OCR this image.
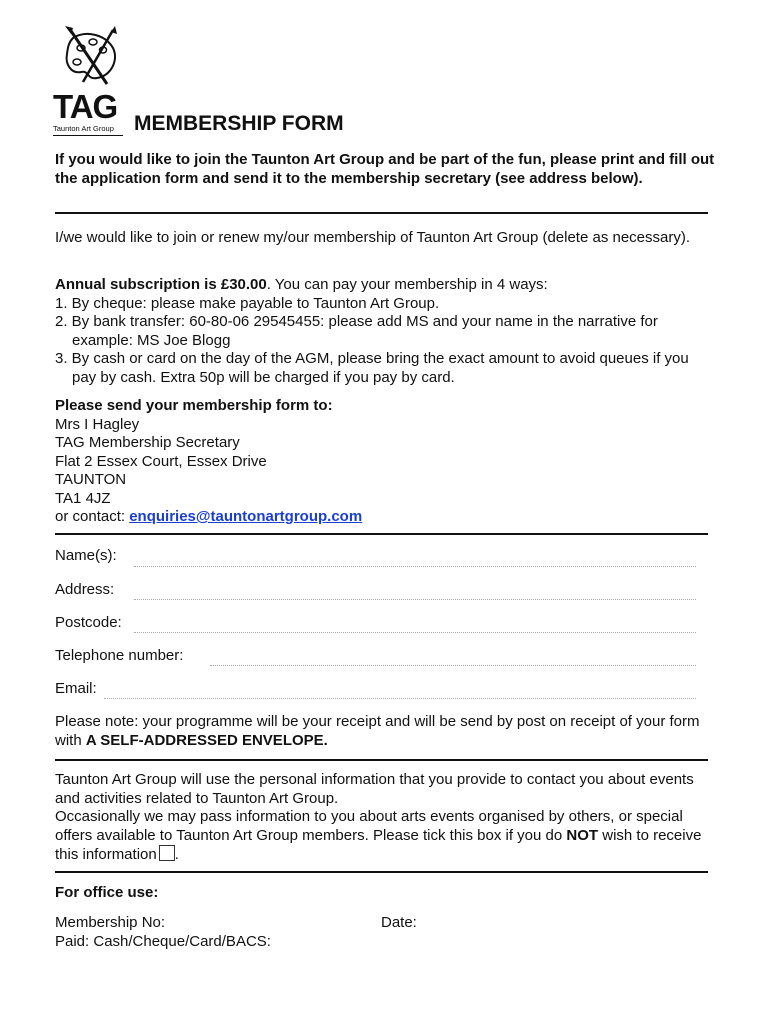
TAG
Taunton Art Group MEMBERSHIP FORM
If you would like to join the Taunton Art Group and be part of the fun, please print and fill out the application form and send it to the membership secretary (see address below).
I/we would like to join or renew my/our membership of Taunton Art Group (delete as necessary).

Annual subscription is £30.00. You can pay your membership in 4 ways:

1. By cheque: please make payable to Taunton Art Group.
2. By bank transfer: 60-80-06 29545455: please add MS and your name in the narrative for example: MS Joe Blogg
3. By cash or card on the day of the AGM, please bring the exact amount to avoid queues if you pay by cash. Extra 50p will be charged if you pay by card.

Please send your membership form to:

Mrs I Hagley

TAG Membership Secretary

Flat 2 Essex Court, Essex Drive

TAUNTON

TA1 4JZ

or contact: enquiries@tauntonartgroup.com

Name(s):
Address:
Postcode:
Telephone number:
Email:
Please note: your programme will be your receipt and will be send by post on receipt of your form with A SELF-ADDRESSED ENVELOPE.

Taunton Art Group will use the personal information that you provide to contact you about events and activities related to Taunton Art Group.

Occasionally we may pass information to you about arts events organised by others, or special offers available to Taunton Art Group members. Please tick this box if you do NOT wish to receive this information .

For office use:
Membership No:	Date:
Paid: Cash/Cheque/Card/BACS:
